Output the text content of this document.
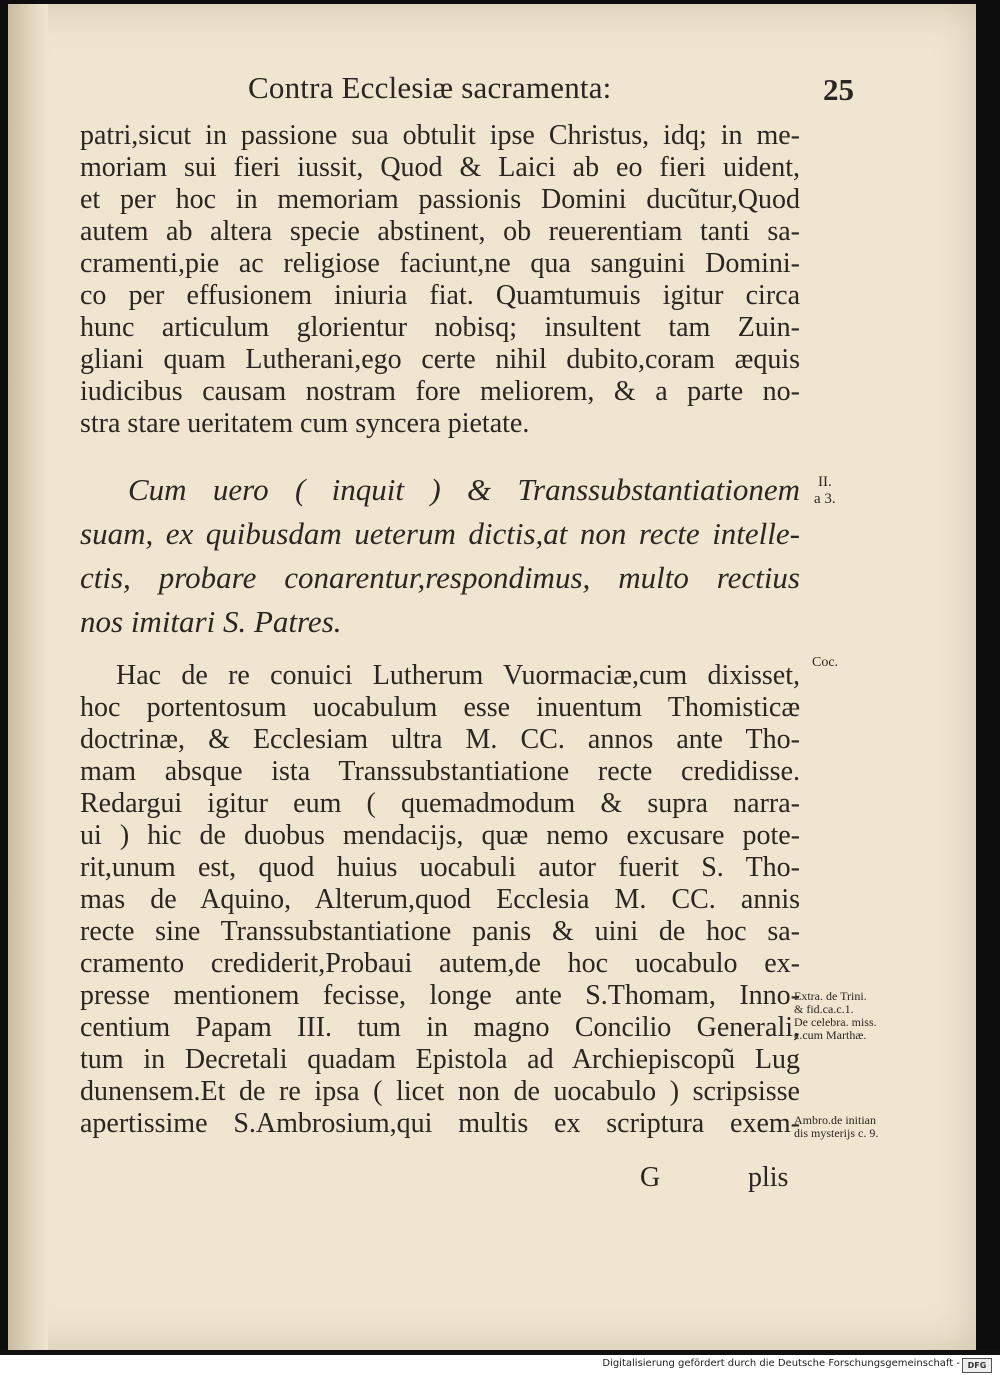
Contra Ecclesiæ sacramenta:	25
patri,sicut in passione sua obtulit ipse Christus, idq; in me-
moriam sui fieri iussit, Quod & Laici ab eo fieri uident,
et per hoc in memoriam passionis Domini ducũtur,Quod
autem ab altera specie abstinent, ob reuerentiam tanti sa-
cramenti,pie ac religiose faciunt,ne qua sanguini Domini-
co per effusionem iniuria fiat. Quamtumuis igitur circa
hunc articulum glorientur nobisq; insultent tam Zuin-
gliani quam Lutherani,ego certe nihil dubito,coram æquis
iudicibus causam nostram fore meliorem, & a parte no-
stra stare ueritatem cum syncera pietate.
Cum uero ( inquit ) & Transsubstantiationem
suam, ex quibusdam ueterum dictis,at non recte intelle-
ctis, probare conarentur,respondimus, multo rectius
nos imitari S. Patres.
Hac de re conuici Lutherum Vuormaciæ,cum dixisset,
hoc portentosum uocabulum esse inuentum Thomisticæ
doctrinæ, & Ecclesiam ultra M. CC. annos ante Tho-
mam absque ista Transsubstantiatione recte credidisse.
Redargui igitur eum ( quemadmodum & supra narra-
ui ) hic de duobus mendacijs, quæ nemo excusare pote-
rit,unum est, quod huius uocabuli autor fuerit S. Tho-
mas de Aquino, Alterum,quod Ecclesia M. CC. annis
recte sine Transsubstantiatione panis & uini de hoc sa-
cramento crediderit,Probaui autem,de hoc uocabulo ex-
presse mentionem fecisse, longe ante S.Thomam, Inno-
centium Papam III. tum in magno Concilio Generali,
tum in Decretali quadam Epistola ad Archiepiscopũ Lug
dunensem.Et de re ipsa ( licet non de uocabulo ) scripsisse
apertissime S.Ambrosium,qui multis ex scriptura exem-
II.
a 3.
Coc.
Extra. de Trini.
& fid.ca.c.1.
De celebra. miss.
c.cum Marthæ.
Ambro.de initian
dis mysterijs c. 9.
G	plis
Digitalisierung gefördert durch die Deutsche Forschungsgemeinschaft - DFG
